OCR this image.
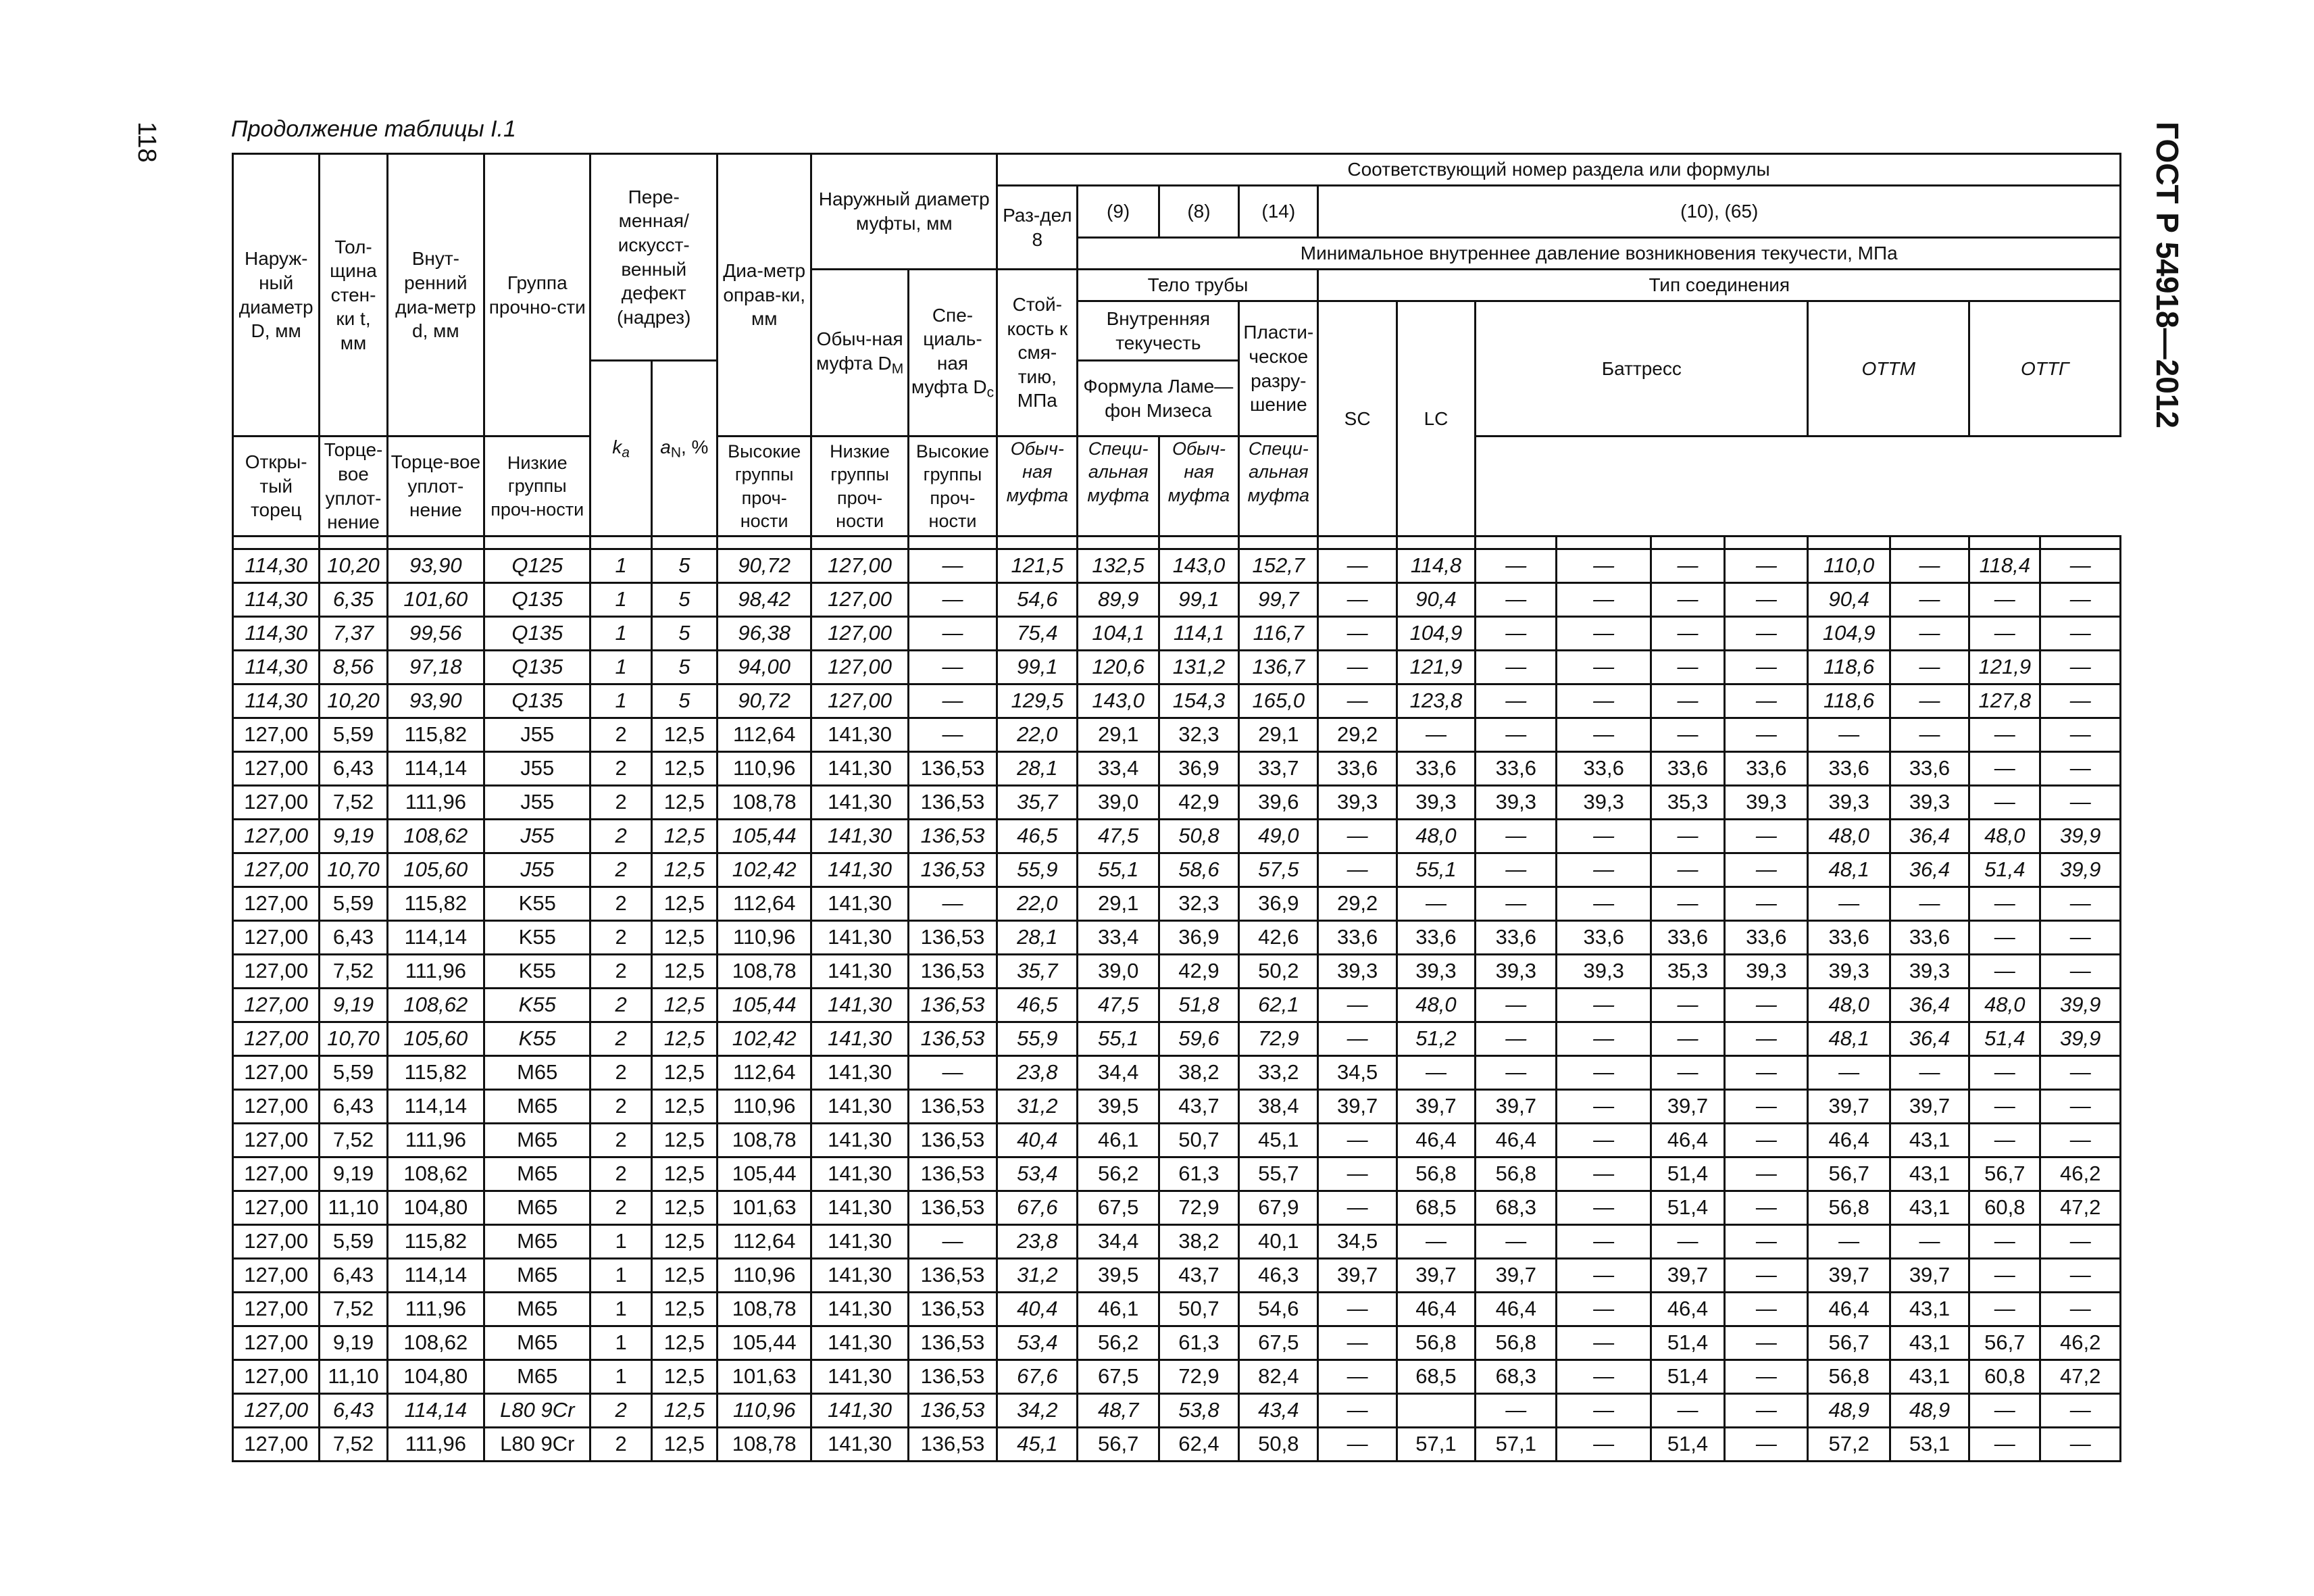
118	ГОСТ Р 54918—2012
Продолжение таблицы I.1
Наруж-ный диаметр D, мм	Тол-щина стен-ки t, мм	Внут-ренний диа-метр d, мм	Группа прочно-сти	Пере-менная/искусст-венный дефект (надрез)		Диа-метр оправ-ки, мм	Наружный диаметр муфты, мм		Соответствующий номер раздела или формулы													
									Раз-дел 8	(9)	(8)	(14)	(10), (65)									
										Минимальное внутреннее давление возникновения текучести, МПа												
							Обыч-ная муфта $D_M$	Спе-циаль-ная муфта $D_c$	Стой-кость к смя-тию, МПа	Тело трубы			Тип соединения									
										Внутренняя текучесть		Пласти-ческое разру-шение	SC	LC	Баттресс				ОТТМ		ОТТГ	
				$k_a$	$a_N$, %					Формула Ламе—фон Мизеса												
Откры-тый торец	Торце-вое уплот-нение	Торце-вое уплот-нение	Низкие группы проч-ности			Высокие группы проч-ности	Низкие группы проч-ности	Высокие группы проч-ности	Обыч-ная муфта	Специ-альная муфта	Обыч-ная муфта	Специ-альная муфта										

114,30	10,20	93,90	Q125	1	5	90,72	127,00	—	121,5	132,5	143,0	152,7	—	114,8	—	—	—	—	110,0	—	118,4	—
114,30	6,35	101,60	Q135	1	5	98,42	127,00	—	54,6	89,9	99,1	99,7	—	90,4	—	—	—	—	90,4	—	—	—
114,30	7,37	99,56	Q135	1	5	96,38	127,00	—	75,4	104,1	114,1	116,7	—	104,9	—	—	—	—	104,9	—	—	—
114,30	8,56	97,18	Q135	1	5	94,00	127,00	—	99,1	120,6	131,2	136,7	—	121,9	—	—	—	—	118,6	—	121,9	—
114,30	10,20	93,90	Q135	1	5	90,72	127,00	—	129,5	143,0	154,3	165,0	—	123,8	—	—	—	—	118,6	—	127,8	—
127,00	5,59	115,82	J55	2	12,5	112,64	141,30	—	22,0	29,1	32,3	29,1	29,2	—	—	—	—	—	—	—	—	—
127,00	6,43	114,14	J55	2	12,5	110,96	141,30	136,53	28,1	33,4	36,9	33,7	33,6	33,6	33,6	33,6	33,6	33,6	33,6	33,6	—	—
127,00	7,52	111,96	J55	2	12,5	108,78	141,30	136,53	35,7	39,0	42,9	39,6	39,3	39,3	39,3	39,3	35,3	39,3	39,3	39,3	—	—
127,00	9,19	108,62	J55	2	12,5	105,44	141,30	136,53	46,5	47,5	50,8	49,0	—	48,0	—	—	—	—	48,0	36,4	48,0	39,9
127,00	10,70	105,60	J55	2	12,5	102,42	141,30	136,53	55,9	55,1	58,6	57,5	—	55,1	—	—	—	—	48,1	36,4	51,4	39,9
127,00	5,59	115,82	K55	2	12,5	112,64	141,30	—	22,0	29,1	32,3	36,9	29,2	—	—	—	—	—	—	—	—	—
127,00	6,43	114,14	K55	2	12,5	110,96	141,30	136,53	28,1	33,4	36,9	42,6	33,6	33,6	33,6	33,6	33,6	33,6	33,6	33,6	—	—
127,00	7,52	111,96	K55	2	12,5	108,78	141,30	136,53	35,7	39,0	42,9	50,2	39,3	39,3	39,3	39,3	35,3	39,3	39,3	39,3	—	—
127,00	9,19	108,62	K55	2	12,5	105,44	141,30	136,53	46,5	47,5	51,8	62,1	—	48,0	—	—	—	—	48,0	36,4	48,0	39,9
127,00	10,70	105,60	K55	2	12,5	102,42	141,30	136,53	55,9	55,1	59,6	72,9	—	51,2	—	—	—	—	48,1	36,4	51,4	39,9
127,00	5,59	115,82	M65	2	12,5	112,64	141,30	—	23,8	34,4	38,2	33,2	34,5	—	—	—	—	—	—	—	—	—
127,00	6,43	114,14	M65	2	12,5	110,96	141,30	136,53	31,2	39,5	43,7	38,4	39,7	39,7	39,7	—	39,7	—	39,7	39,7	—	—
127,00	7,52	111,96	M65	2	12,5	108,78	141,30	136,53	40,4	46,1	50,7	45,1	—	46,4	46,4	—	46,4	—	46,4	43,1	—	—
127,00	9,19	108,62	M65	2	12,5	105,44	141,30	136,53	53,4	56,2	61,3	55,7	—	56,8	56,8	—	51,4	—	56,7	43,1	56,7	46,2
127,00	11,10	104,80	M65	2	12,5	101,63	141,30	136,53	67,6	67,5	72,9	67,9	—	68,5	68,3	—	51,4	—	56,8	43,1	60,8	47,2
127,00	5,59	115,82	M65	1	12,5	112,64	141,30	—	23,8	34,4	38,2	40,1	34,5	—	—	—	—	—	—	—	—	—
127,00	6,43	114,14	M65	1	12,5	110,96	141,30	136,53	31,2	39,5	43,7	46,3	39,7	39,7	39,7	—	39,7	—	39,7	39,7	—	—
127,00	7,52	111,96	M65	1	12,5	108,78	141,30	136,53	40,4	46,1	50,7	54,6	—	46,4	46,4	—	46,4	—	46,4	43,1	—	—
127,00	9,19	108,62	M65	1	12,5	105,44	141,30	136,53	53,4	56,2	61,3	67,5	—	56,8	56,8	—	51,4	—	56,7	43,1	56,7	46,2
127,00	11,10	104,80	M65	1	12,5	101,63	141,30	136,53	67,6	67,5	72,9	82,4	—	68,5	68,3	—	51,4	—	56,8	43,1	60,8	47,2
127,00	6,43	114,14	L80 9Cr	2	12,5	110,96	141,30	136,53	34,2	48,7	53,8	43,4	—		—	—	—	—	48,9	48,9	—	—
127,00	7,52	111,96	L80 9Cr	2	12,5	108,78	141,30	136,53	45,1	56,7	62,4	50,8	—	57,1	57,1	—	51,4	—	57,2	53,1	—	—
